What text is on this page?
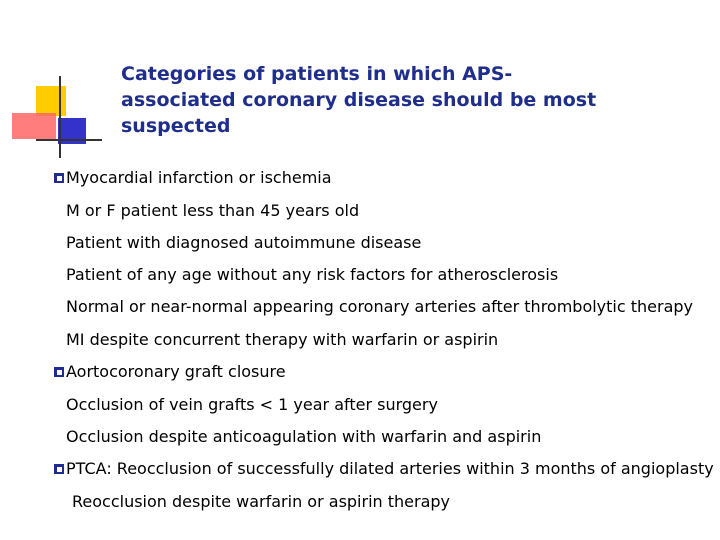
Categories of patients in which APS-
associated coronary disease should be most
suspected
Myocardial infarction or ischemia
M or F patient less than 45 years old
Patient with diagnosed autoimmune disease
Patient of any age without any risk factors for atherosclerosis
Normal or near-normal appearing coronary arteries after thrombolytic therapy
MI despite concurrent therapy with warfarin or aspirin
Aortocoronary graft closure
Occlusion of vein grafts < 1 year after surgery
Occlusion despite anticoagulation with warfarin and aspirin
PTCA: Reocclusion of successfully dilated arteries within 3 months of angioplasty
Reocclusion despite warfarin or aspirin therapy
